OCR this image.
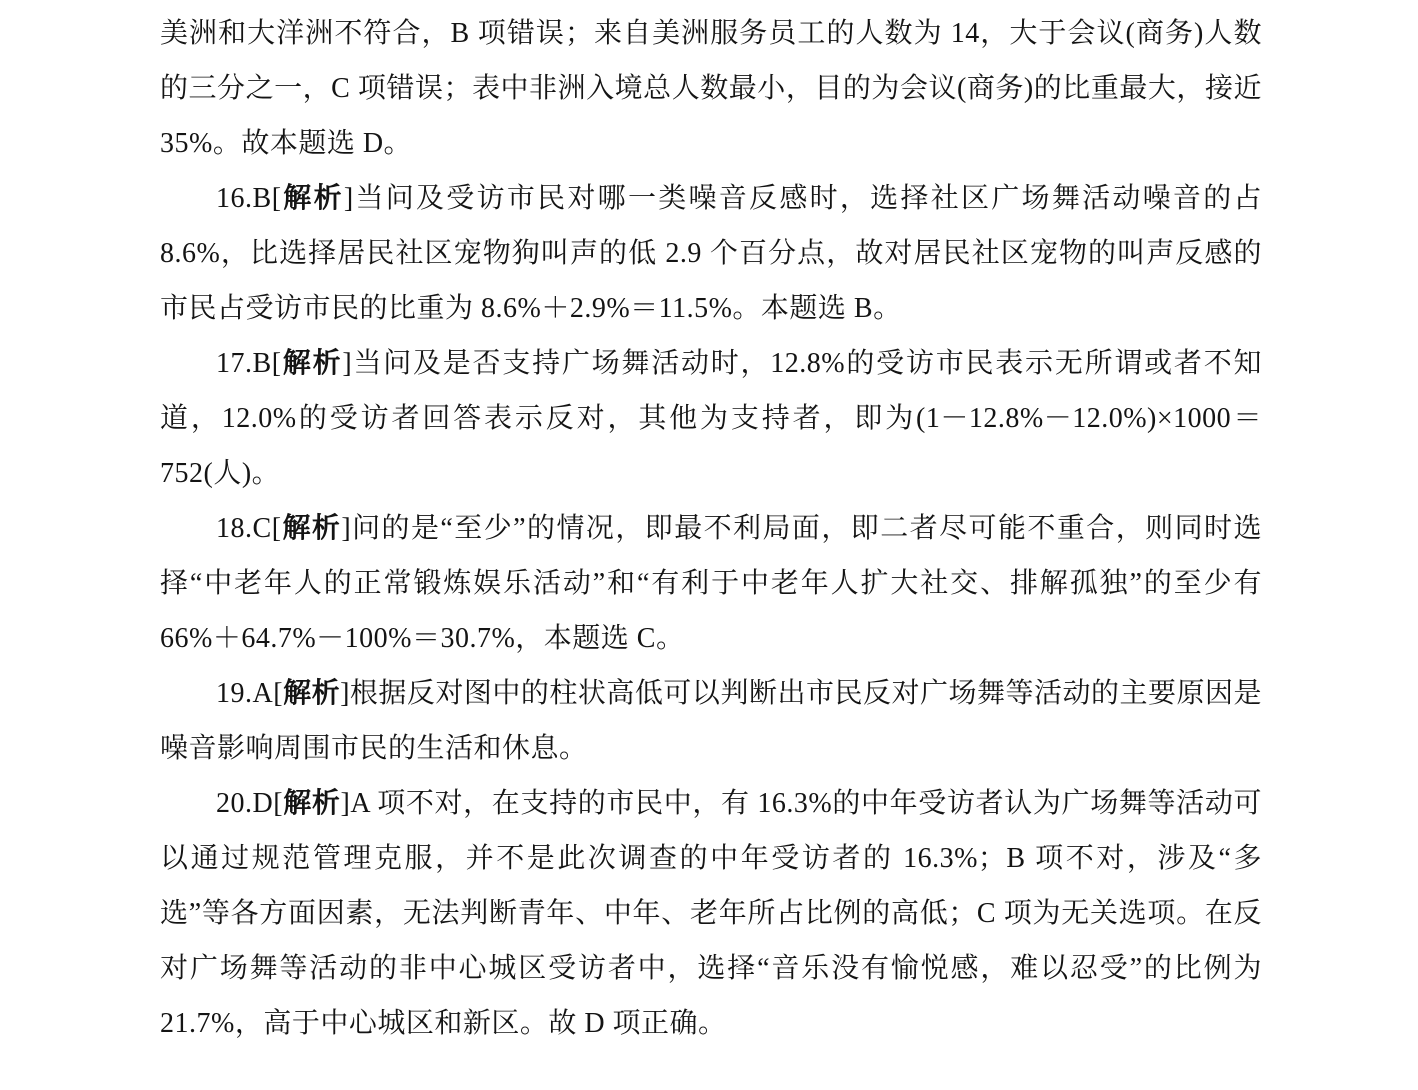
美洲和大洋洲不符合，B 项错误；来自美洲服务员工的人数为 14，大于会议(商务)人数的三分之一，C 项错误；表中非洲入境总人数最小，目的为会议(商务)的比重最大，接近 35%。故本题选 D。

16.B[解析]当问及受访市民对哪一类噪音反感时，选择社区广场舞活动噪音的占 8.6%，比选择居民社区宠物狗叫声的低 2.9 个百分点，故对居民社区宠物的叫声反感的市民占受访市民的比重为 8.6%＋2.9%＝11.5%。本题选 B。

17.B[解析]当问及是否支持广场舞活动时，12.8%的受访市民表示无所谓或者不知道，12.0%的受访者回答表示反对，其他为支持者，即为(1－12.8%－12.0%)×1000＝752(人)。

18.C[解析]问的是“至少”的情况，即最不利局面，即二者尽可能不重合，则同时选择“中老年人的正常锻炼娱乐活动”和“有利于中老年人扩大社交、排解孤独”的至少有 66%＋64.7%－100%＝30.7%，本题选 C。

19.A[解析]根据反对图中的柱状高低可以判断出市民反对广场舞等活动的主要原因是噪音影响周围市民的生活和休息。

20.D[解析]A 项不对，在支持的市民中，有 16.3%的中年受访者认为广场舞等活动可以通过规范管理克服，并不是此次调查的中年受访者的 16.3%；B 项不对，涉及“多选”等各方面因素，无法判断青年、中年、老年所占比例的高低；C 项为无关选项。在反对广场舞等活动的非中心城区受访者中，选择“音乐没有愉悦感，难以忍受”的比例为 21.7%，高于中心城区和新区。故 D 项正确。
